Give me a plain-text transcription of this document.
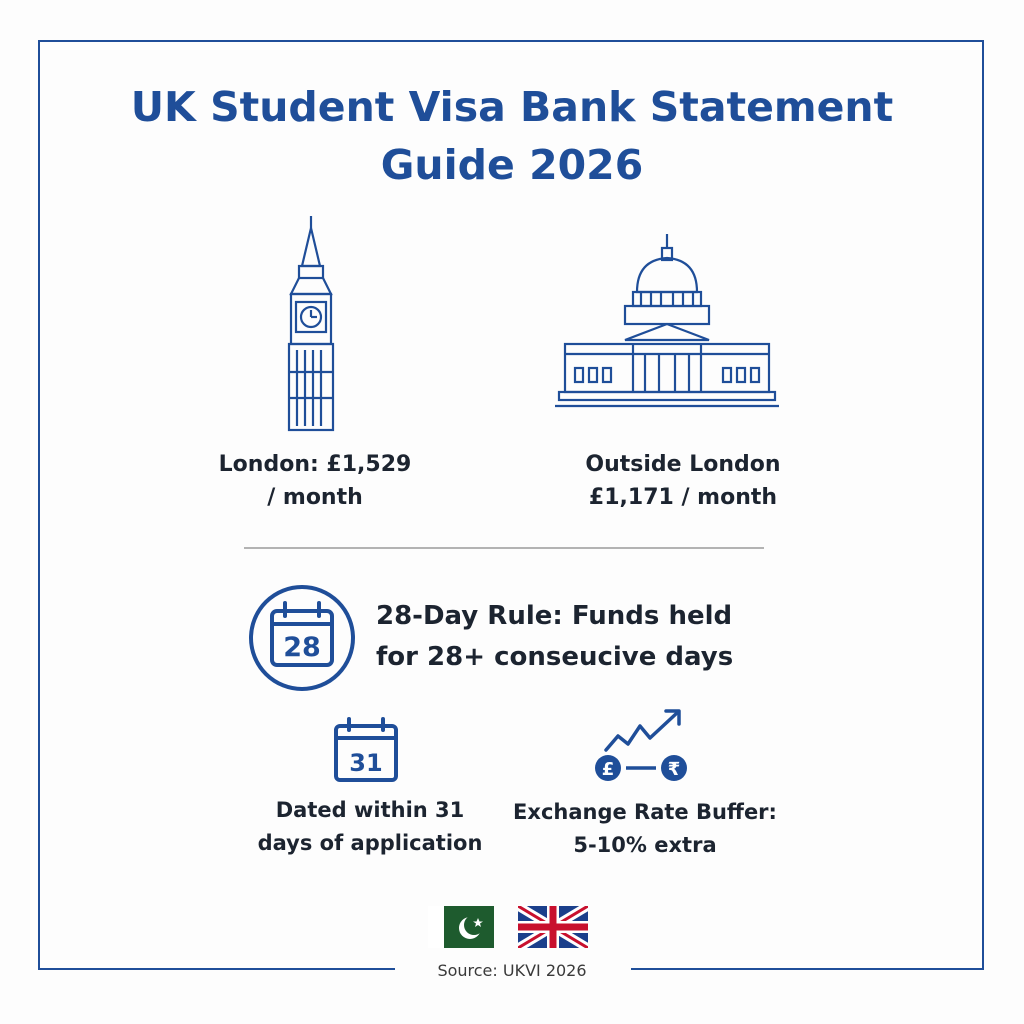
UK Student Visa Bank Statement
Guide 2026
London: £1,529
/ month
Outside London
£1,171 / month
28
28-Day Rule: Funds held
for 28+ conseucive days
31
Dated within 31
days of application
£	₹
Exchange Rate Buffer:
5-10% extra
Source: UKVI 2026
